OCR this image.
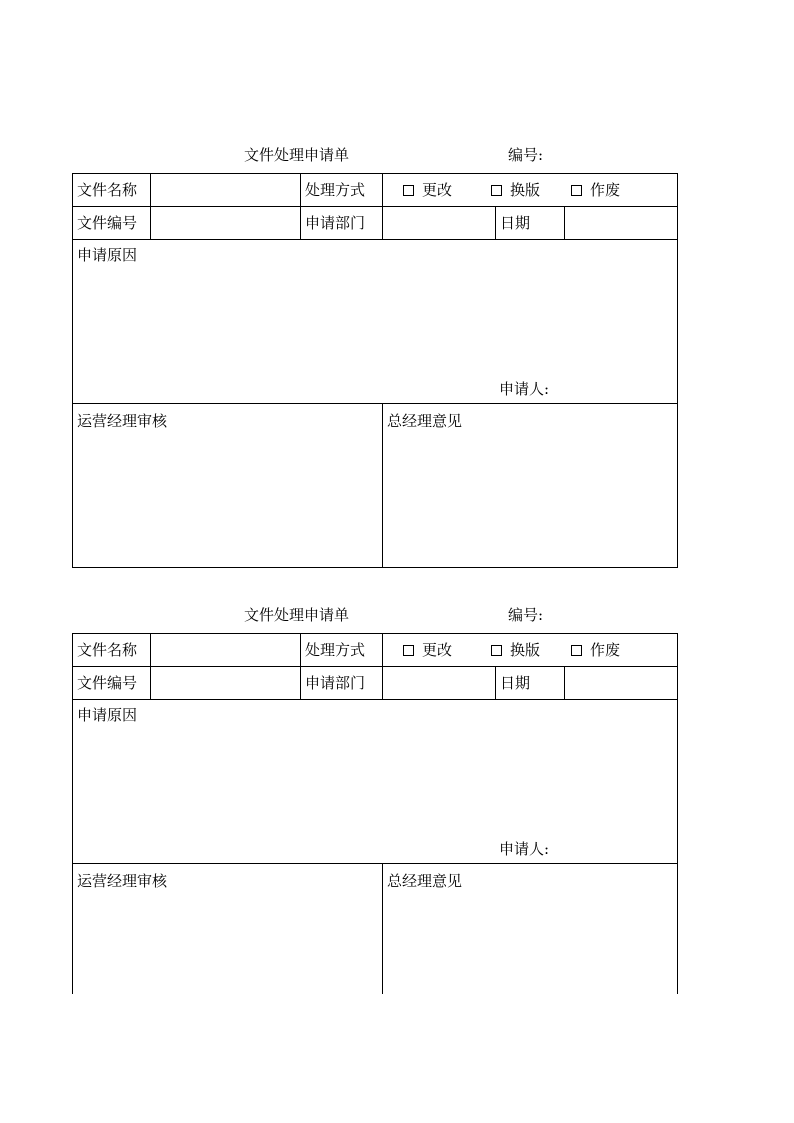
文件处理申请单	编号:
文件名称	处理方式	更改	换版	作废
文件编号	申请部门	日期
申请原因
申请人:
运营经理审核	总经理意见
文件处理申请单	编号:
文件名称	处理方式	更改	换版	作废
文件编号	申请部门	日期
申请原因
申请人:
运营经理审核	总经理意见
